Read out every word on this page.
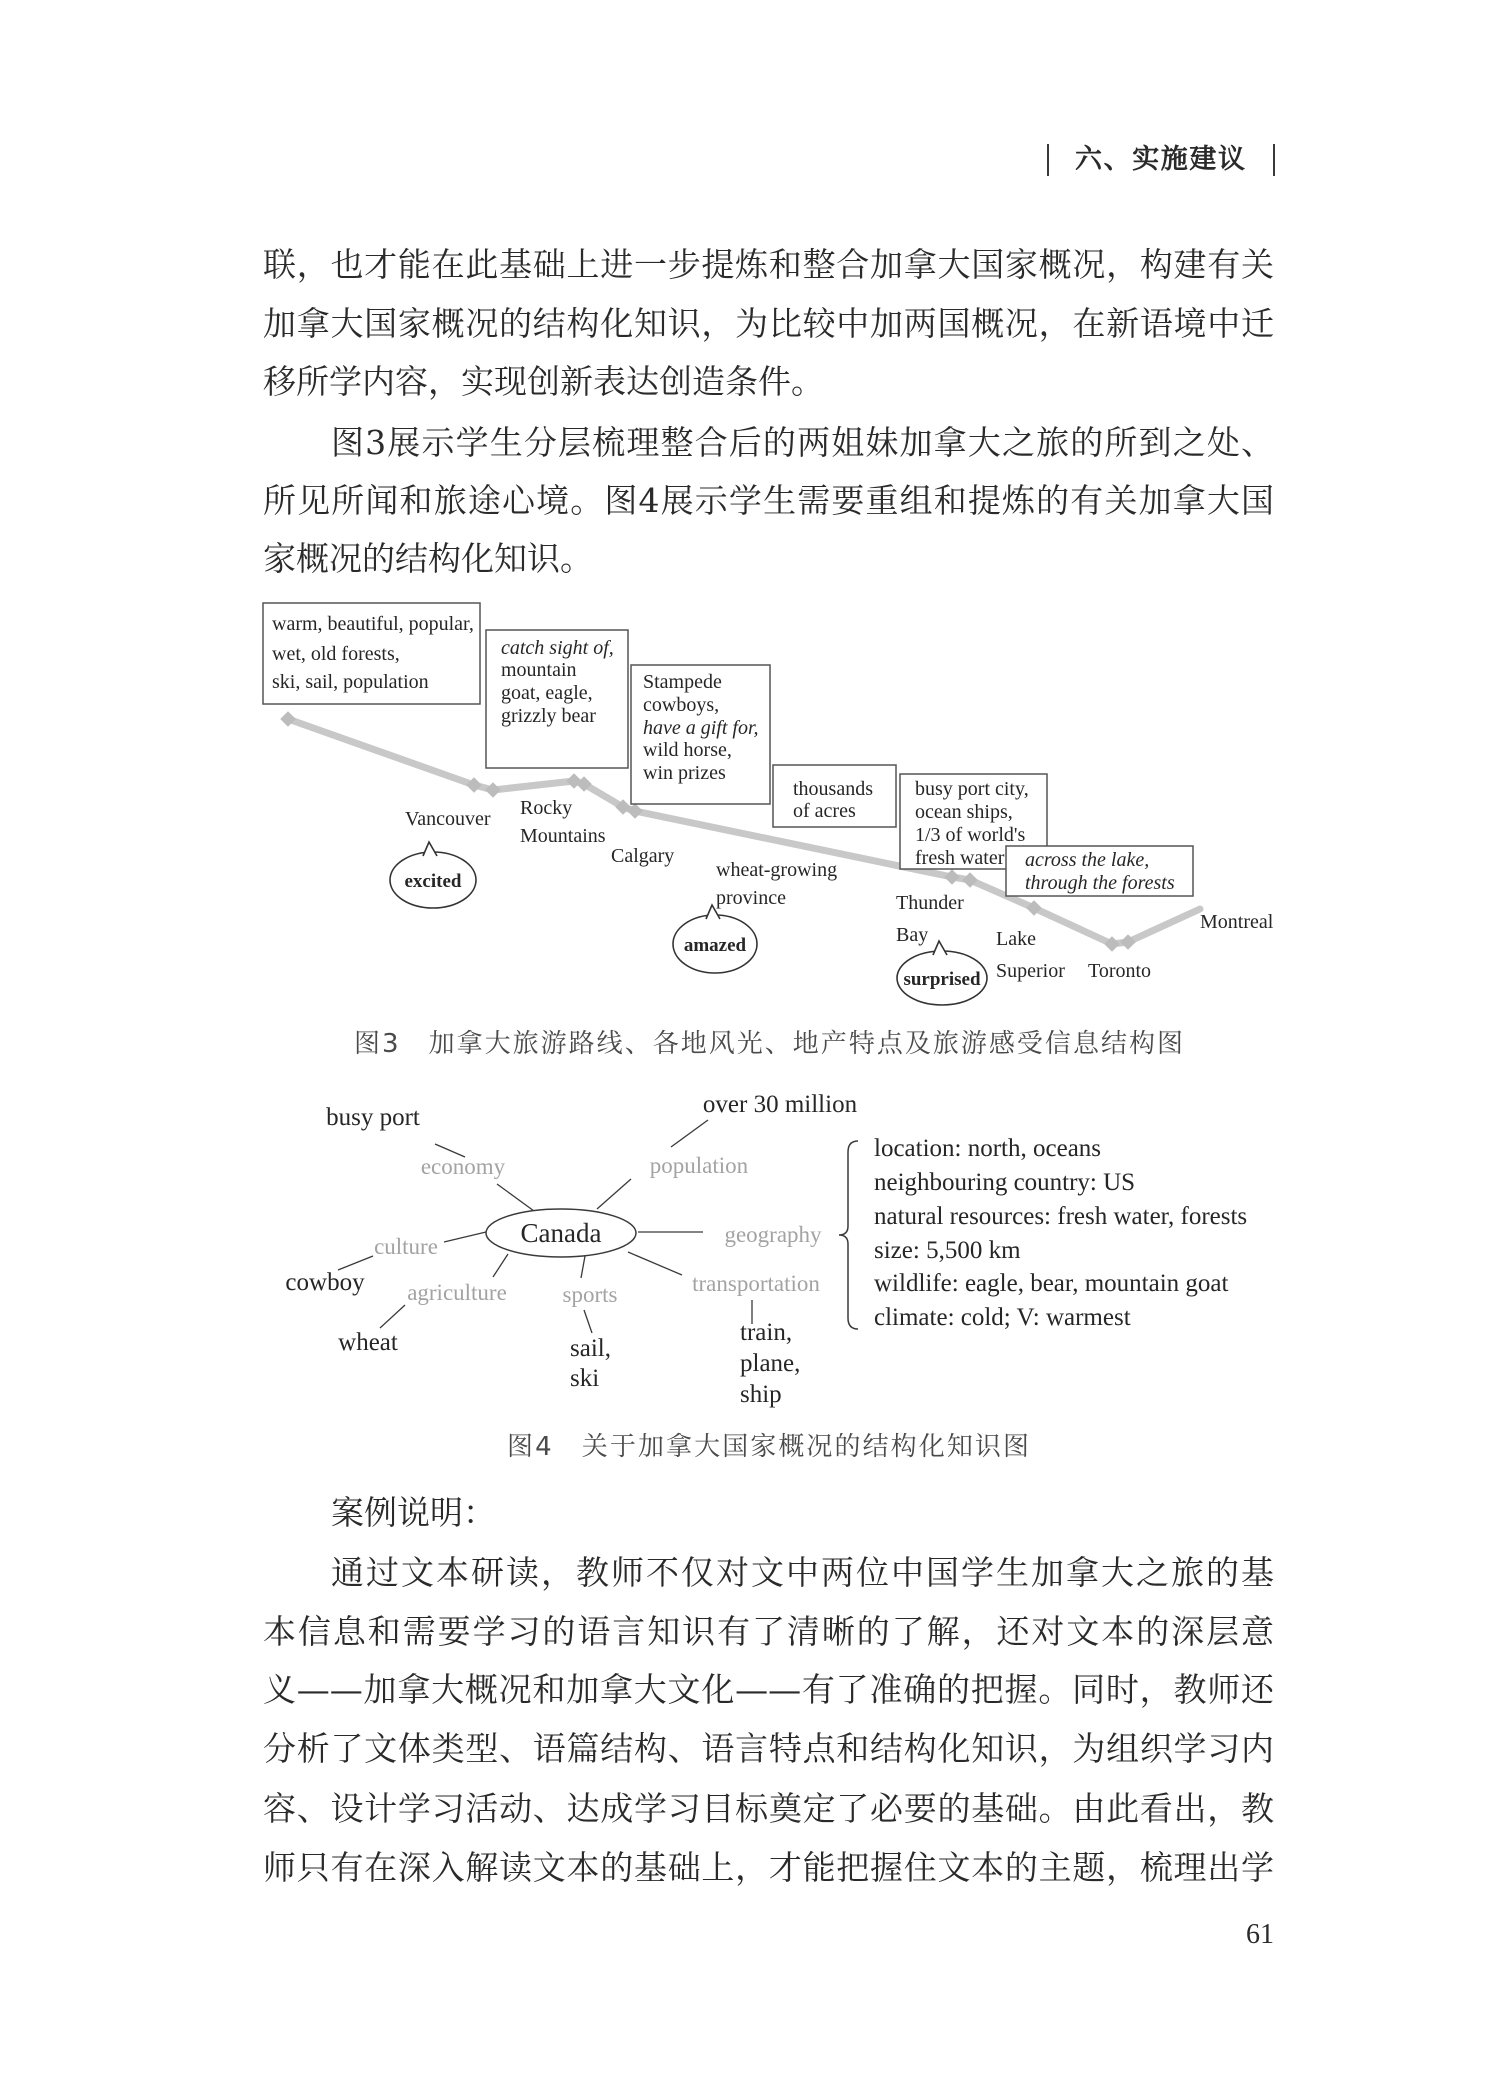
六、实施建议
联，也才能在此基础上进一步提炼和整合加拿大国家概况，构建有关
加拿大国家概况的结构化知识，为比较中加两国概况，在新语境中迁
移所学内容，实现创新表达创造条件。
图3展示学生分层梳理整合后的两姐妹加拿大之旅的所到之处、
所见所闻和旅途心境。图4展示学生需要重组和提炼的有关加拿大国
家概况的结构化知识。
warm, beautiful, popular,
wet, old forests,
ski, sail, population
catch sight of,
mountain
goat, eagle,
grizzly bear
Stampede
cowboys,
have a gift for,
wild horse,
win prizes
thousands
of acres
busy port city,
ocean ships,
1/3 of world's
fresh water across the lake,
through the forests
Vancouver Rocky
Mountains
Calgary
wheat-growing
province	Thunder
Bay	Lake
Superior Toronto
Montreal
excited
amazed
surprised
Canada
economy	population
geography
culture
transportation
agriculture sports
busy port	over 30 million
cowboy
wheat	sail,
ski
train,
plane,
ship
location: north, oceans
neighbouring country: US
natural resources: fresh water, forests
size: 5,500 km
wildlife: eagle, bear, mountain goat
climate: cold; V: warmest
图3　加拿大旅游路线、各地风光、地产特点及旅游感受信息结构图
图4　关于加拿大国家概况的结构化知识图
案例说明：
通过文本研读，教师不仅对文中两位中国学生加拿大之旅的基
本信息和需要学习的语言知识有了清晰的了解，还对文本的深层意
义——加拿大概况和加拿大文化——有了准确的把握。同时，教师还
分析了文体类型、语篇结构、语言特点和结构化知识，为组织学习内
容、设计学习活动、达成学习目标奠定了必要的基础。由此看出，教
师只有在深入解读文本的基础上，才能把握住文本的主题，梳理出学
61
